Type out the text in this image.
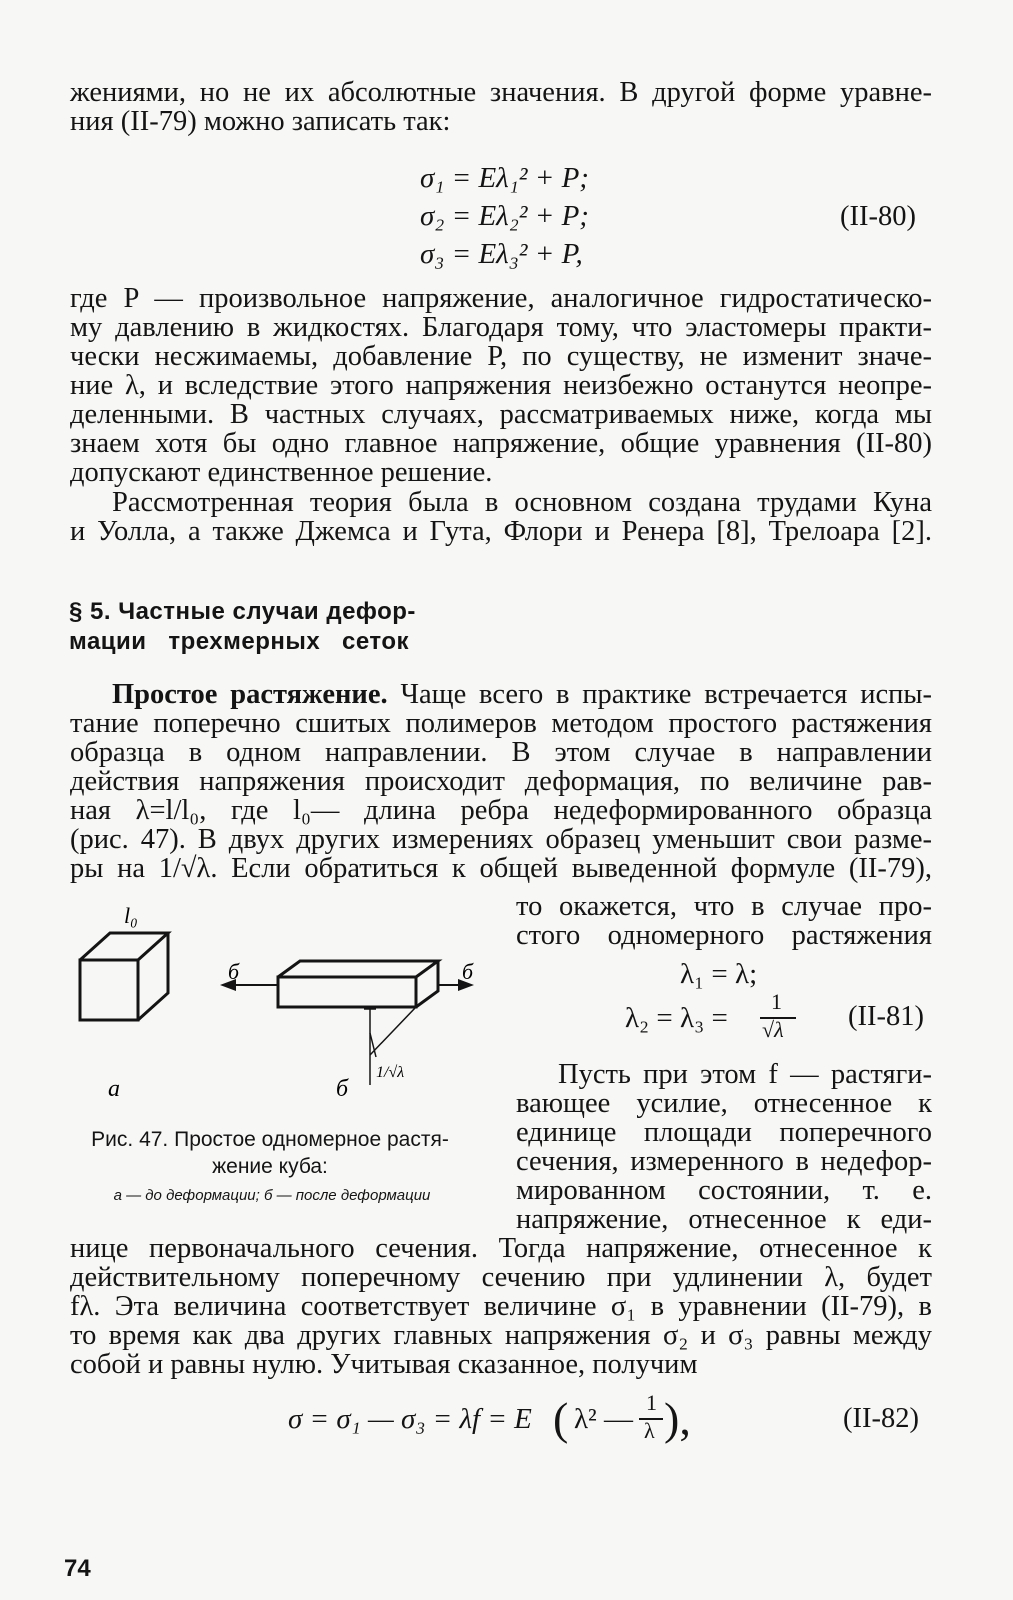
жениями, но не их абсолютные значения. В другой форме уравне-
ния (II-79) можно записать так:
σ₁ = Eλ₁² + P;
σ₂ = Eλ₂² + P;
σ₃ = Eλ₃² + P,
(II-80)
где P — произвольное напряжение, аналогичное гидростатическо-
му давлению в жидкостях. Благодаря тому, что эластомеры практи-
чески несжимаемы, добавление P, по существу, не изменит значе-
ние λ, и вследствие этого напряжения неизбежно останутся неопре-
деленными. В частных случаях, рассматриваемых ниже, когда мы
знаем хотя бы одно главное напряжение, общие уравнения (II-80)
допускают единственное решение.
Рассмотренная теория была в основном создана трудами Куна
и Уолла, а также Джемса и Гута, Флори и Ренера [8], Трелоара [2].
§ 5. Частные случаи дефор-
мации трехмерных сеток
Простое растяжение. Чаще всего в практике встречается испы-
тание поперечно сшитых полимеров методом простого растяжения
образца в одном направлении. В этом случае в направлении
действия напряжения происходит деформация, по величине рав-
ная λ=l/l₀, где l₀— длина ребра недеформированного образца
(рис. 47). В двух других измерениях образец уменьшит свои разме-
ры на 1/√λ. Если обратиться к общей выведенной формуле (II-79),
то окажется, что в случае про-
стого одномерного растяжения
λ₁ = λ;
λ₂ = λ₃ =
1
√λ (II-81)
Пусть при этом f — растяги-
вающее усилие, отнесенное к
единице площади поперечного
сечения, измеренного в недефор-
мированном состоянии, т. е.
напряжение, отнесенное к еди-
l₀
б	б
1/√λ
a	б
Рис. 47. Простое одномерное растя-
жение куба:
а — до деформации; б — после деформации
нице первоначального сечения. Тогда напряжение, отнесенное к
действительному поперечному сечению при удлинении λ, будет
fλ. Эта величина соответствует величине σ₁ в уравнении (II-79), в
то время как два других главных напряжения σ₂ и σ₃ равны между
собой и равны нулю. Учитывая сказанное, получим
σ = σ₁ — σ₃ = λf = E ( λ² —
1
λ ),	(II-82)
74
